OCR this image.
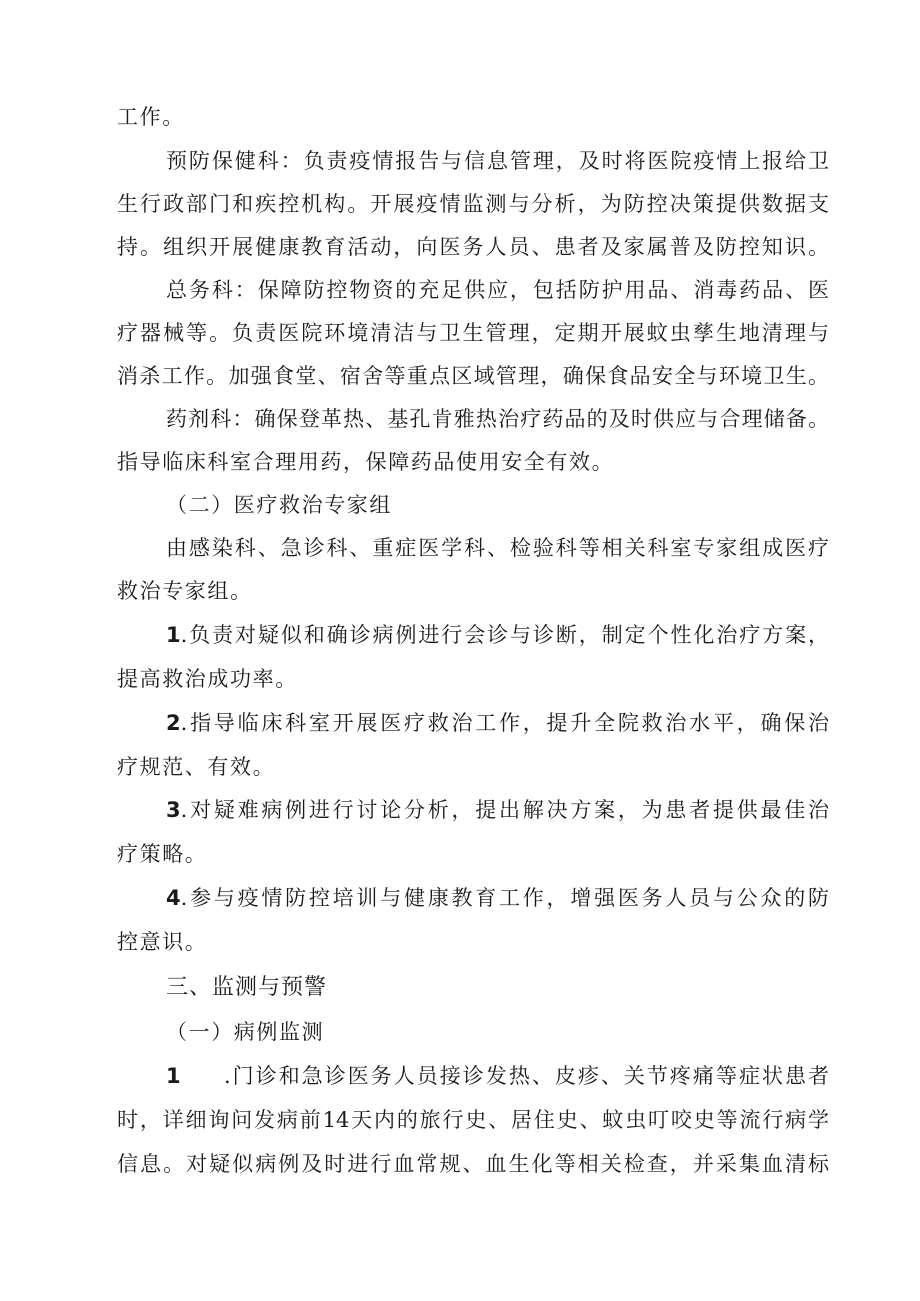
工作。
预防保健科：负责疫情报告与信息管理，及时将医院疫情上报给卫
生行政部门和疾控机构。开展疫情监测与分析，为防控决策提供数据支
持。组织开展健康教育活动，向医务人员、患者及家属普及防控知识。
总务科：保障防控物资的充足供应，包括防护用品、消毒药品、医
疗器械等。负责医院环境清洁与卫生管理，定期开展蚊虫孳生地清理与
消杀工作。加强食堂、宿舍等重点区域管理，确保食品安全与环境卫生。
药剂科：确保登革热、基孔肯雅热治疗药品的及时供应与合理储备。
指导临床科室合理用药，保障药品使用安全有效。
（二）医疗救治专家组
由感染科、急诊科、重症医学科、检验科等相关科室专家组成医疗
救治专家组。
1.负责对疑似和确诊病例进行会诊与诊断，制定个性化治疗方案，
提高救治成功率。
2.指导临床科室开展医疗救治工作，提升全院救治水平，确保治
疗规范、有效。
3.对疑难病例进行讨论分析，提出解决方案，为患者提供最佳治
疗策略。
4.参与疫情防控培训与健康教育工作，增强医务人员与公众的防
控意识。
三、监测与预警
（一）病例监测
1 .门诊和急诊医务人员接诊发热、皮疹、关节疼痛等症状患者
时，详细询问发病前14天内的旅行史、居住史、蚊虫叮咬史等流行病学
信息。对疑似病例及时进行血常规、血生化等相关检查，并采集血清标
